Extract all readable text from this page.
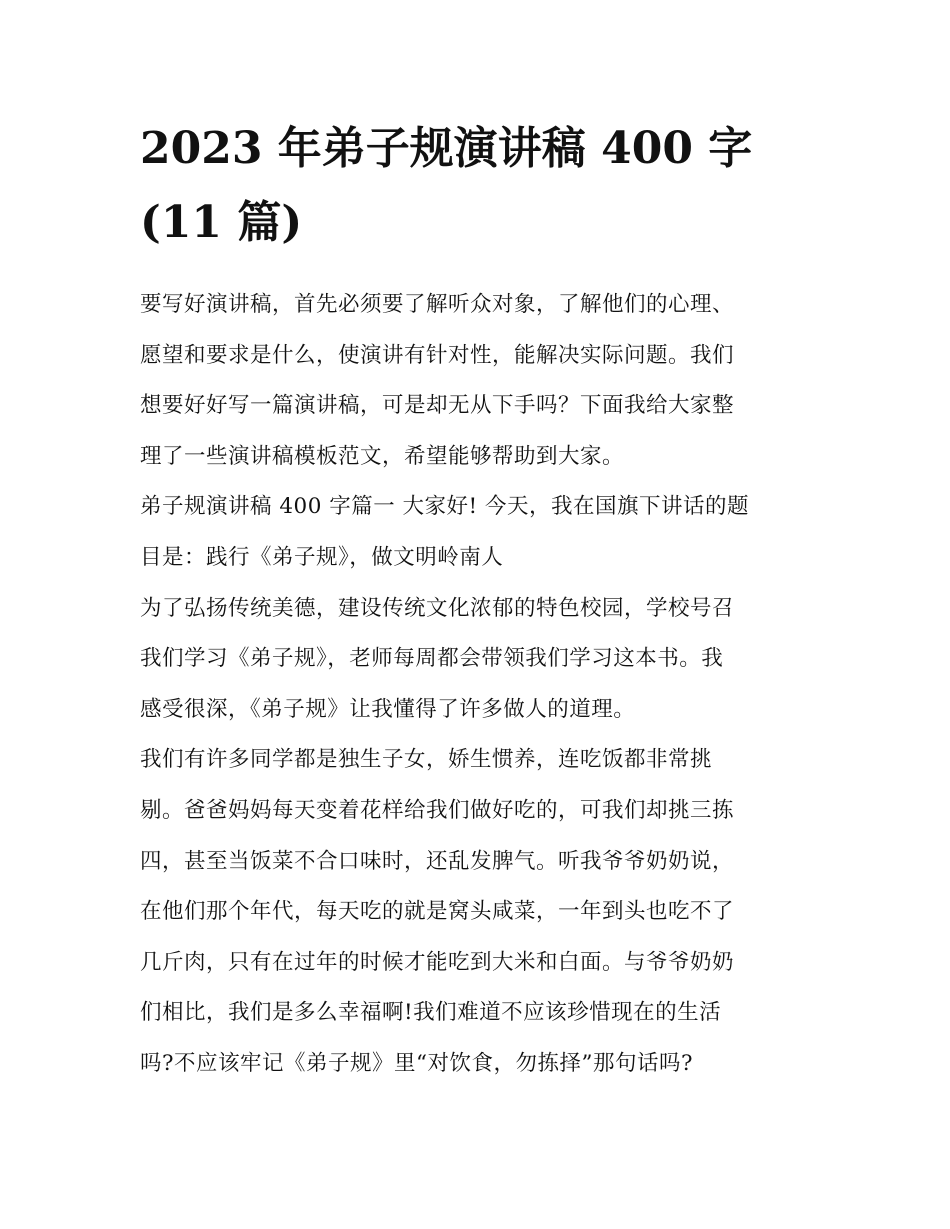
2023 年弟子规演讲稿 400 字
(11 篇)

要写好演讲稿，首先必须要了解听众对象，了解他们的心理、
愿望和要求是什么，使演讲有针对性，能解决实际问题。我们
想要好好写一篇演讲稿，可是却无从下手吗？下面我给大家整
理了一些演讲稿模板范文，希望能够帮助到大家。

弟子规演讲稿 400 字篇一 大家好! 今天，我在国旗下讲话的题
目是：践行《弟子规》，做文明岭南人

为了弘扬传统美德，建设传统文化浓郁的特色校园，学校号召
我们学习《弟子规》，老师每周都会带领我们学习这本书。我
感受很深，《弟子规》让我懂得了许多做人的道理。

我们有许多同学都是独生子女，娇生惯养，连吃饭都非常挑
剔。爸爸妈妈每天变着花样给我们做好吃的，可我们却挑三拣
四，甚至当饭菜不合口味时，还乱发脾气。听我爷爷奶奶说，
在他们那个年代，每天吃的就是窝头咸菜，一年到头也吃不了
几斤肉，只有在过年的时候才能吃到大米和白面。与爷爷奶奶
们相比，我们是多么幸福啊!我们难道不应该珍惜现在的生活
吗?不应该牢记《弟子规》里“对饮食，勿拣择”那句话吗?
